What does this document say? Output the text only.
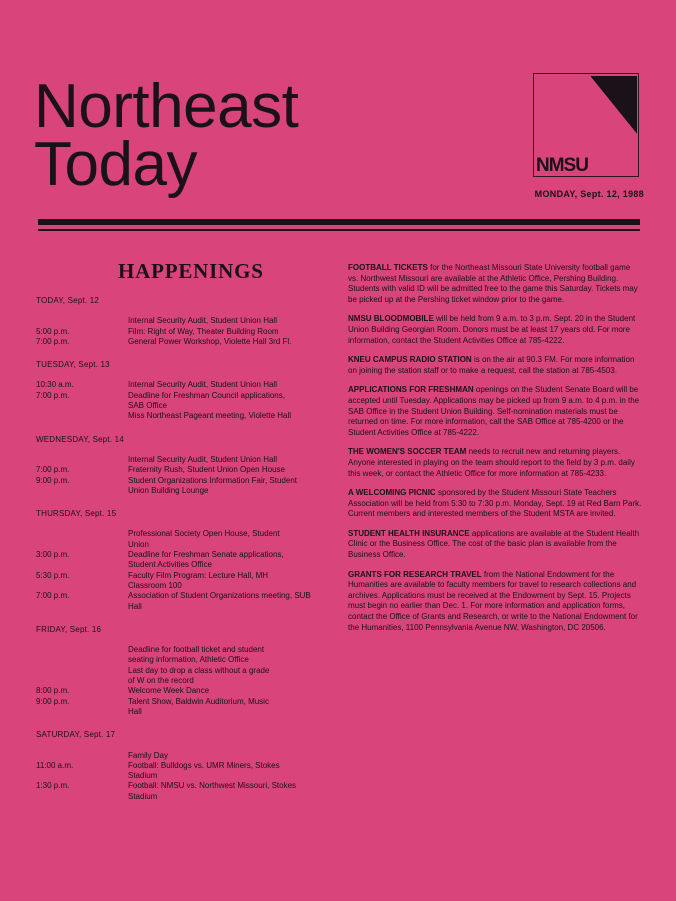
Northeast
Today	NMSU
MONDAY, Sept. 12, 1988
HAPPENINGS
TODAY, Sept. 12
Internal Security Audit, Student Union Hall
5:00 p.m.	Film: Right of Way, Theater Building Room
7:00 p.m.	General Power Workshop, Violette Hall 3rd Fl.
TUESDAY, Sept. 13
10:30 a.m.	Internal Security Audit, Student Union Hall
7:00 p.m.	Deadline for Freshman Council applications,
SAB Office
Miss Northeast Pageant meeting, Violette Hall
WEDNESDAY, Sept. 14
Internal Security Audit, Student Union Hall
7:00 p.m.	Fraternity Rush, Student Union Open House
9:00 p.m.	Student Organizations Information Fair, Student
Union Building Lounge
THURSDAY, Sept. 15
Professional Society Open House, Student
Union
3:00 p.m.	Deadline for Freshman Senate applications,
Student Activities Office
5:30 p.m.	Faculty Film Program: Lecture Hall, MH
Classroom 100
7:00 p.m.	Association of Student Organizations meeting, SUB
Hall
FRIDAY, Sept. 16
Deadline for football ticket and student
seating information, Athletic Office
Last day to drop a class without a grade
of W on the record
8:00 p.m.	Welcome Week Dance
9:00 p.m.	Talent Show, Baldwin Auditorium, Music
Hall
SATURDAY, Sept. 17
Family Day
11:00 a.m.	Football: Bulldogs vs. UMR Miners, Stokes
Stadium
1:30 p.m.	Football: NMSU vs. Northwest Missouri, Stokes
Stadium

FOOTBALL TICKETS for the Northeast Missouri State University football game vs. Northwest Missouri are available at the Athletic Office, Pershing Building. Students with valid ID will be admitted free to the game this Saturday. Tickets may be picked up at the Pershing ticket window prior to the game.

NMSU BLOODMOBILE will be held from 9 a.m. to 3 p.m. Sept. 20 in the Student Union Building Georgian Room. Donors must be at least 17 years old. For more information, contact the Student Activities Office at 785-4222.

KNEU CAMPUS RADIO STATION is on the air at 90.3 FM. For more information on joining the station staff or to make a request, call the station at 785-4503.

APPLICATIONS FOR FRESHMAN openings on the Student Senate Board will be accepted until Tuesday. Applications may be picked up from 9 a.m. to 4 p.m. in the SAB Office in the Student Union Building. Self-nomination materials must be returned on time. For more information, call the SAB Office at 785-4200 or the Student Activities Office at 785-4222.

THE WOMEN'S SOCCER TEAM needs to recruit new and returning players. Anyone interested in playing on the team should report to the field by 3 p.m. daily this week, or contact the Athletic Office for more information at 785-4233.

A WELCOMING PICNIC sponsored by the Student Missouri State Teachers Association will be held from 5:30 to 7:30 p.m. Monday, Sept. 19 at Red Barn Park. Current members and interested members of the Student MSTA are invited.

STUDENT HEALTH INSURANCE applications are available at the Student Health Clinic or the Business Office. The cost of the basic plan is available from the Business Office.

GRANTS FOR RESEARCH TRAVEL from the National Endowment for the Humanities are available to faculty members for travel to research collections and archives. Applications must be received at the Endowment by Sept. 15. Projects must begin no earlier than Dec. 1. For more information and application forms, contact the Office of Grants and Research, or write to the National Endowment for the Humanities, 1100 Pennsylvania Avenue NW, Washington, DC 20506.
